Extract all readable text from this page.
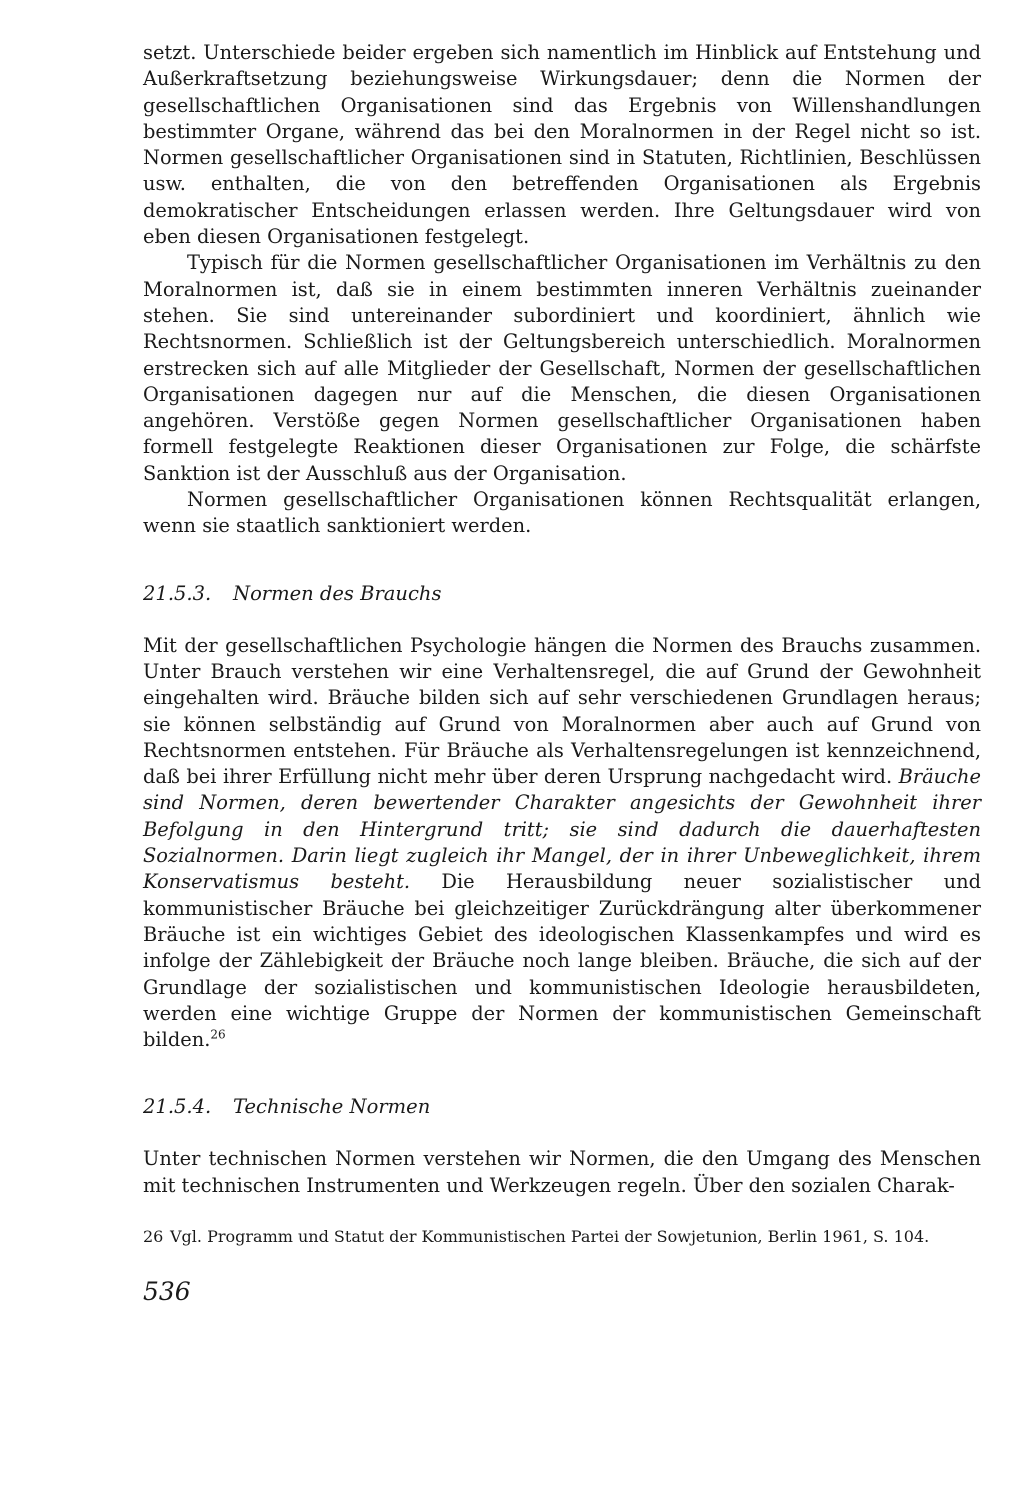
setzt. Unterschiede beider ergeben sich namentlich im Hinblick auf Entstehung und Außerkraftsetzung beziehungsweise Wirkungsdauer; denn die Normen der gesellschaftlichen Organisationen sind das Ergebnis von Willenshandlungen bestimmter Organe, während das bei den Moralnormen in der Regel nicht so ist. Normen gesellschaftlicher Organisationen sind in Statuten, Richtlinien, Beschlüssen usw. enthalten, die von den betreffenden Organisationen als Ergebnis demokratischer Entscheidungen erlassen werden. Ihre Geltungsdauer wird von eben diesen Organisationen festgelegt.

Typisch für die Normen gesellschaftlicher Organisationen im Verhältnis zu den Moralnormen ist, daß sie in einem bestimmten inneren Verhältnis zueinander stehen. Sie sind untereinander subordiniert und koordiniert, ähnlich wie Rechtsnormen. Schließlich ist der Geltungsbereich unterschiedlich. Moralnormen erstrecken sich auf alle Mitglieder der Gesellschaft, Normen der gesellschaftlichen Organisationen dagegen nur auf die Menschen, die diesen Organisationen angehören. Verstöße gegen Normen gesellschaftlicher Organisationen haben formell festgelegte Reaktionen dieser Organisationen zur Folge, die schärfste Sanktion ist der Ausschluß aus der Organisation.

Normen gesellschaftlicher Organisationen können Rechtsqualität erlangen, wenn sie staatlich sanktioniert werden.

21.5.3.	Normen des Brauchs

Mit der gesellschaftlichen Psychologie hängen die Normen des Brauchs zusammen. Unter Brauch verstehen wir eine Verhaltensregel, die auf Grund der Gewohnheit eingehalten wird. Bräuche bilden sich auf sehr verschiedenen Grundlagen heraus; sie können selbständig auf Grund von Moralnormen aber auch auf Grund von Rechtsnormen entstehen. Für Bräuche als Verhaltensregelungen ist kennzeichnend, daß bei ihrer Erfüllung nicht mehr über deren Ursprung nachgedacht wird. Bräuche sind Normen, deren bewertender Charakter angesichts der Gewohnheit ihrer Befolgung in den Hintergrund tritt; sie sind dadurch die dauerhaftesten Sozialnormen. Darin liegt zugleich ihr Mangel, der in ihrer Unbeweglichkeit, ihrem Konservatismus besteht. Die Herausbildung neuer sozialistischer und kommunistischer Bräuche bei gleichzeitiger Zurückdrängung alter überkommener Bräuche ist ein wichtiges Gebiet des ideologischen Klassenkampfes und wird es infolge der Zählebigkeit der Bräuche noch lange bleiben. Bräuche, die sich auf der Grundlage der sozialistischen und kommunistischen Ideologie herausbildeten, werden eine wichtige Gruppe der Normen der kommunistischen Gemeinschaft bilden.$^{26}$

21.5.4.	Technische Normen

Unter technischen Normen verstehen wir Normen, die den Umgang des Menschen mit technischen Instrumenten und Werkzeugen regeln. Über den sozialen Charak-

26 Vgl. Programm und Statut der Kommunistischen Partei der Sowjetunion, Berlin 1961, S. 104.
536
